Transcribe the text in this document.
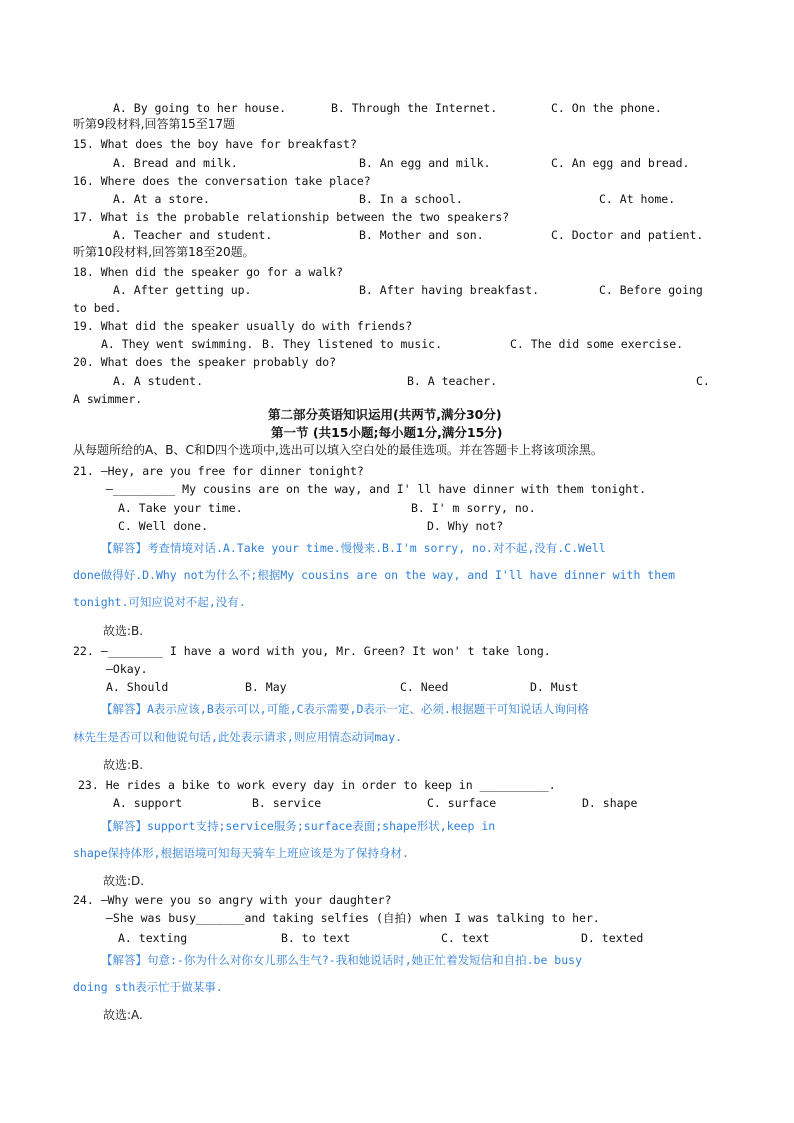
A. By going to her house.	B. Through the Internet.	C. On the phone.
听第9段材料,回答第15至17题
15. What does the boy have for breakfast?
A. Bread and milk.	B. An egg and milk.	C. An egg and bread.
16. Where does the conversation take place?
A. At a store.	B. In a school.	C. At home.
17. What is the probable relationship between the two speakers?
A. Teacher and student.	B. Mother and son.	C. Doctor and patient.
听第10段材料,回答第18至20题。
18. When did the speaker go for a walk?
A. After getting up.	B. After having breakfast.	C. Before going
to bed.
19. What did the speaker usually do with friends?
A. They went swimming. B. They listened to music.	C. The did some exercise.
20. What does the speaker probably do?
A. A student.	B. A teacher.	C.
A swimmer.
第二部分英语知识运用(共两节,满分30分)
第一节 (共15小题;每小题1分,满分15分)
从每题所给的A、B、C和D四个选项中,选出可以填入空白处的最佳选项。并在答题卡上将该项涂黑。
21. —Hey, are you free for dinner tonight?
—_________ My cousins are on the way, and I' ll have dinner with them tonight.
A. Take your time.	B. I' m sorry, no.
C. Well done.	D. Why not?
【解答】考查情境对话.A.Take your time.慢慢来.B.I'm sorry, no.对不起,没有.C.Well
done做得好.D.Why not为什么不;根据My cousins are on the way, and I'll have dinner with them
tonight.可知应说对不起,没有.
故选:B.
22. —________ I have a word with you, Mr. Green? It won' t take long.
—Okay.
A. Should	B. May	C. Need	D. Must
【解答】A表示应该,B表示可以,可能,C表示需要,D表示一定、必须.根据题干可知说话人询问格
林先生是否可以和他说句话,此处表示请求,则应用情态动词may.
故选:B.
23. He rides a bike to work every day in order to keep in __________.
A. support	B. service	C. surface	D. shape
【解答】support支持;service服务;surface表面;shape形状,keep in
shape保持体形,根据语境可知每天骑车上班应该是为了保持身材.
故选:D.
24. —Why were you so angry with your daughter?
—She was busy_______and taking selfies (自拍) when I was talking to her.
A. texting	B. to text	C. text	D. texted
【解答】句意:-你为什么对你女儿那么生气?-我和她说话时,她正忙着发短信和自拍.be busy
doing sth表示忙于做某事.
故选:A.
